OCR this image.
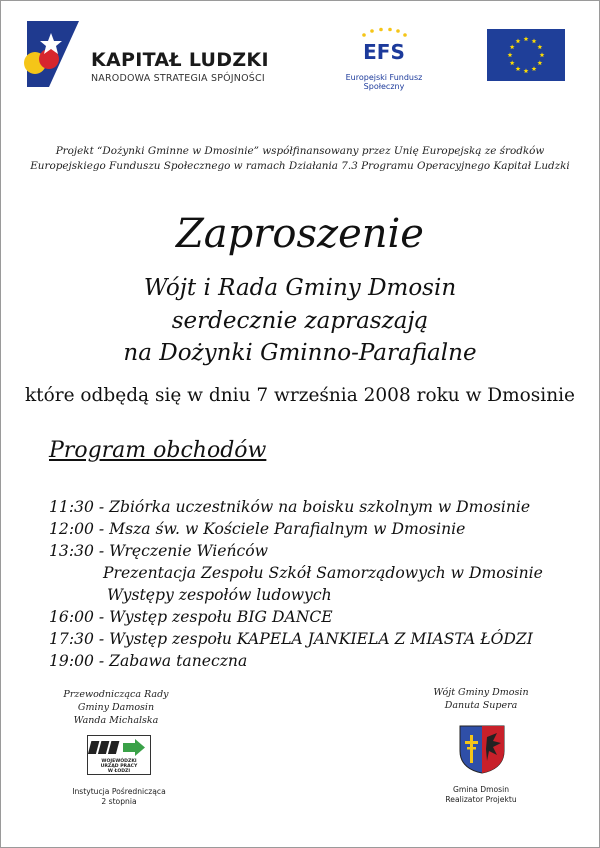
KAPITAŁ LUDZKI
NARODOWA STRATEGIA SPÓJNOŚCI
EFS
Europejski Fundusz Społeczny
Projekt “Dożynki Gminne w Dmosinie” współfinansowany przez Unię Europejską ze środków
Europejskiego Funduszu Społecznego w ramach Działania 7.3 Programu Operacyjnego Kapitał Ludzki
Zaproszenie
Wójt i Rada Gminy Dmosin
serdecznie zapraszają
na Dożynki Gminno-Parafialne
które odbędą się w dniu 7 września 2008 roku w Dmosinie
Program obchodów
11:30 - Zbiórka uczestników na boisku szkolnym w Dmosinie
12:00 - Msza św. w Kościele Parafialnym w Dmosinie
13:30 - Wręczenie Wieńców
Prezentacja Zespołu Szkół Samorządowych w Dmosinie
Występy zespołów ludowych
16:00 - Występ zespołu BIG DANCE
17:30 - Występ zespołu KAPELA JANKIELA Z MIASTA ŁÓDZI
19:00 - Zabawa taneczna
Przewodnicząca Rady
Gminy Damosin
Wanda Michalska
WOJEWÓDZKI
URZĄD PRACY
W ŁODZI
Instytucja Pośrednicząca
2 stopnia
Wójt Gminy Dmosin
Danuta Supera
Gmina Dmosin
Realizator Projektu
